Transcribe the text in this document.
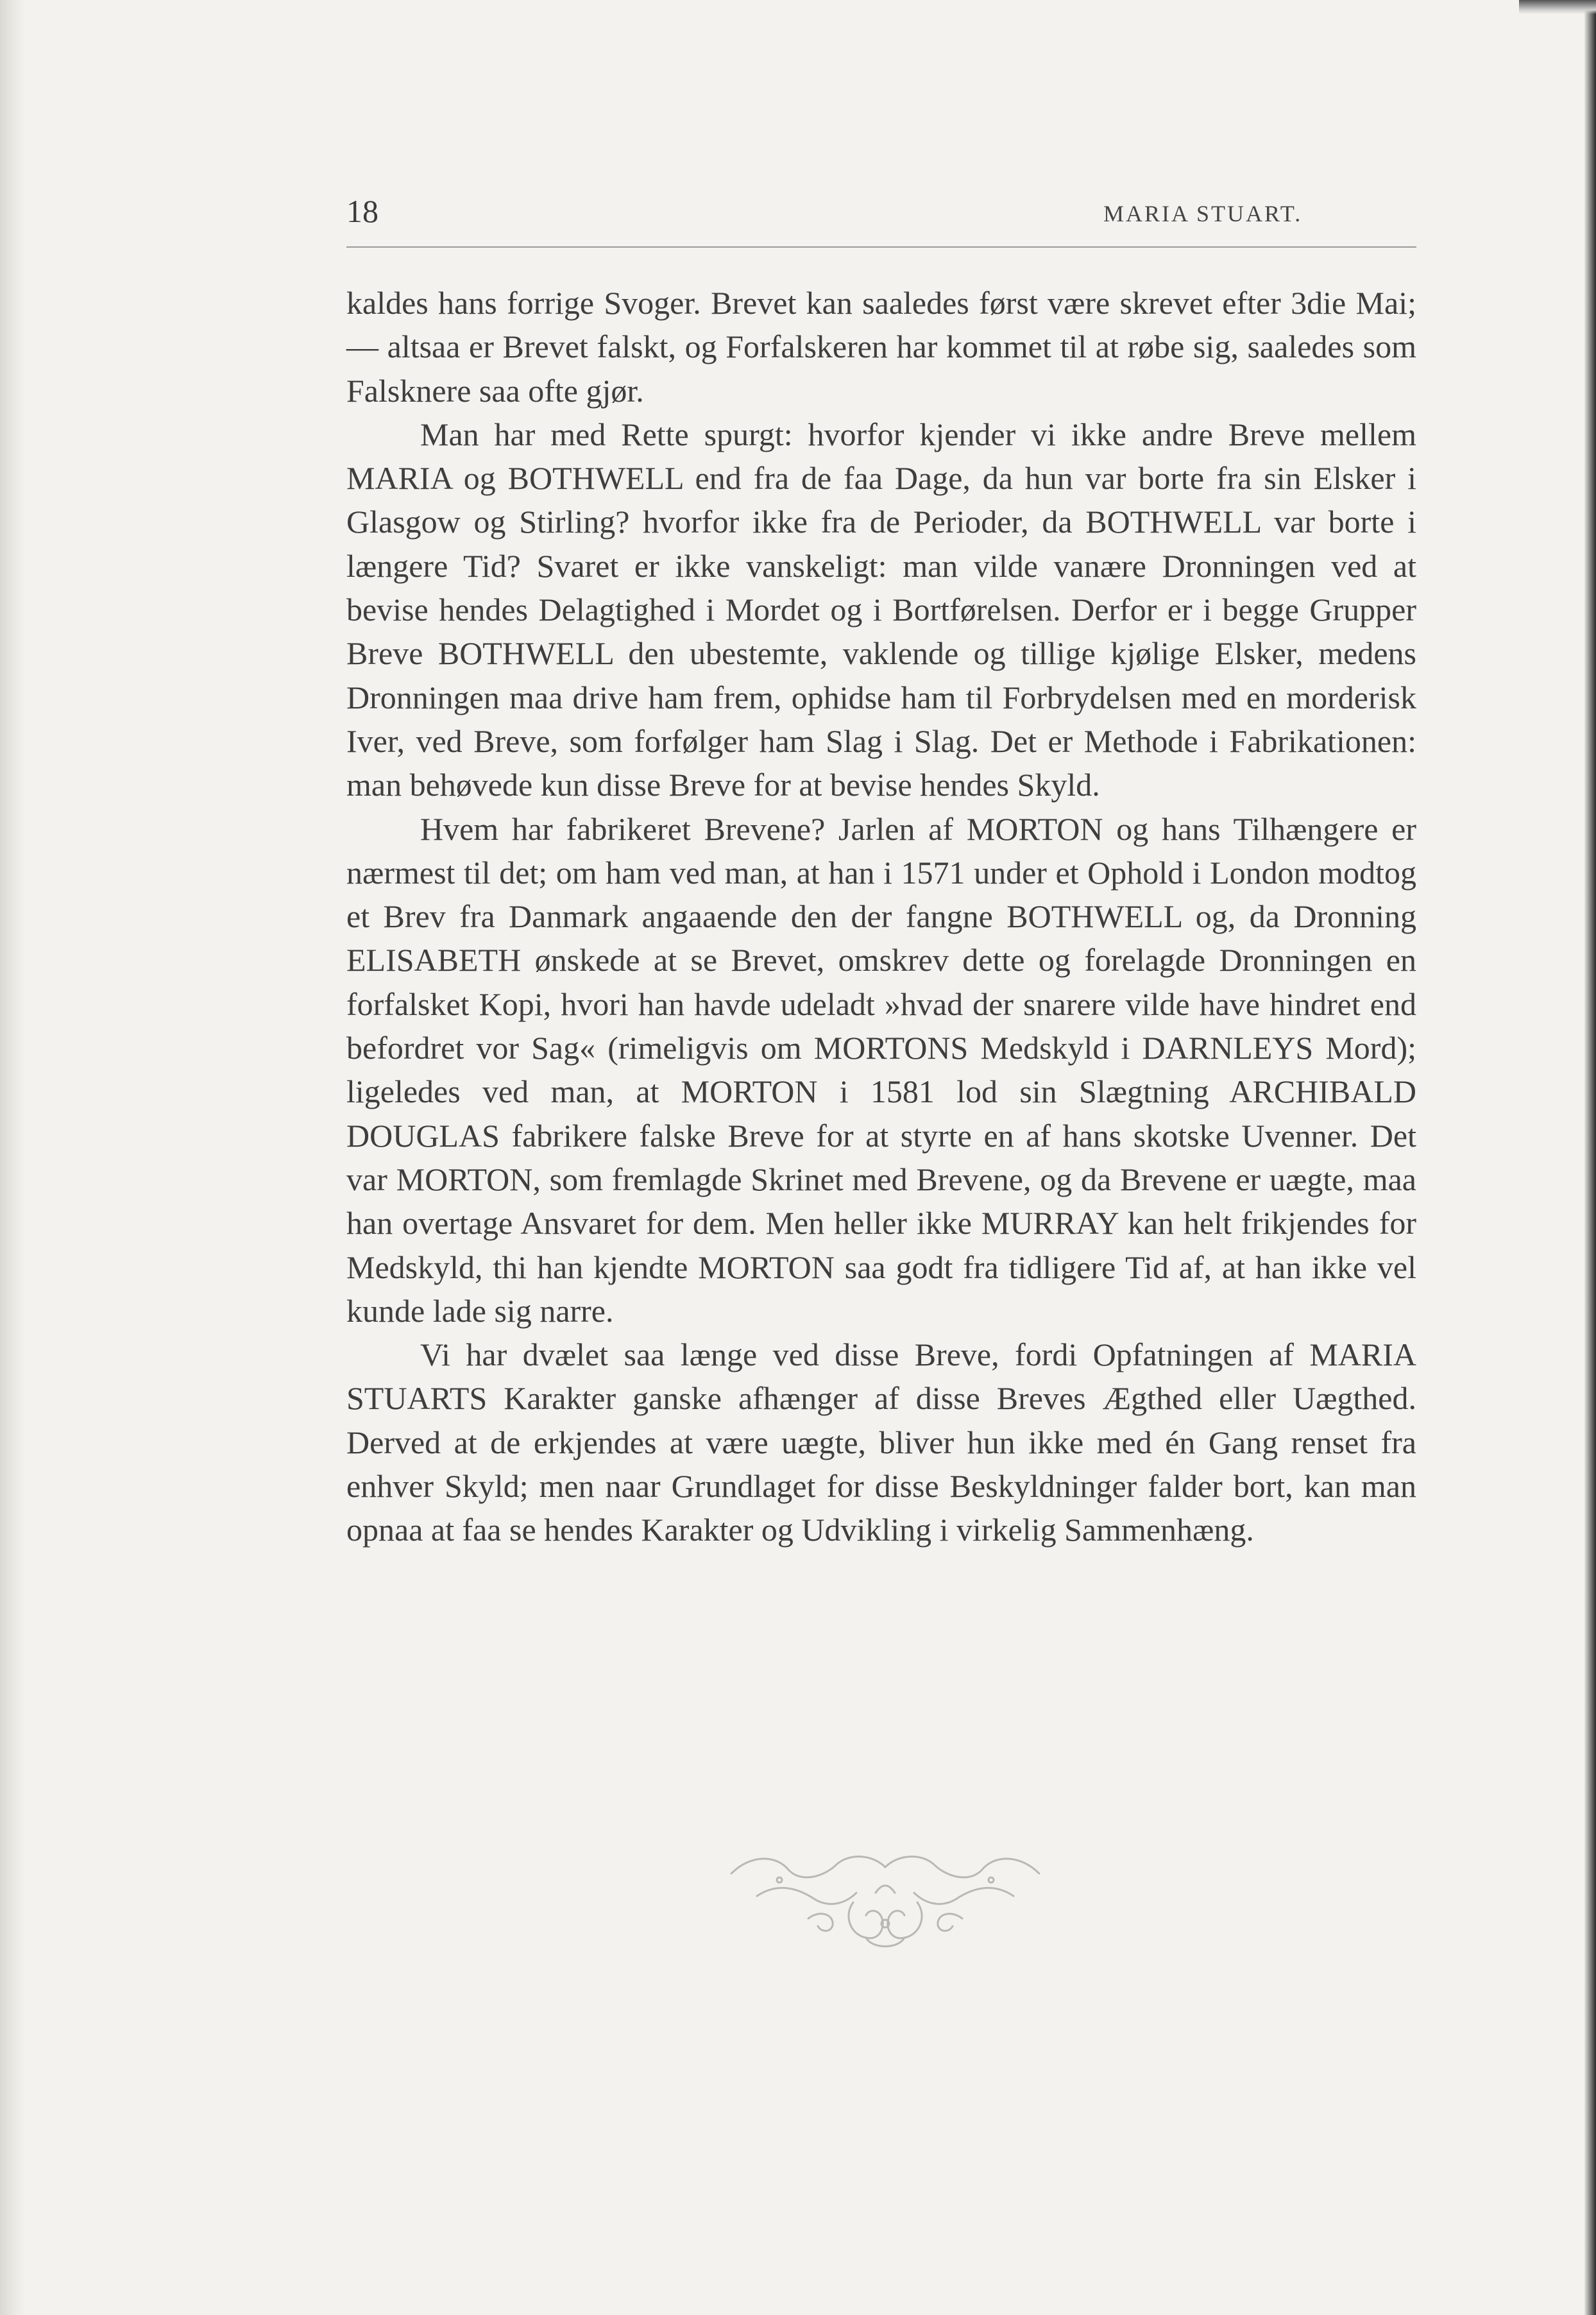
18	MARIA STUART.

kaldes hans forrige Svoger. Brevet kan saaledes først være skrevet efter 3die Mai; — altsaa er Brevet falskt, og Forfalskeren har kommet til at røbe sig, saaledes som Falsknere saa ofte gjør.

Man har med Rette spurgt: hvorfor kjender vi ikke andre Breve mellem MARIA og BOTHWELL end fra de faa Dage, da hun var borte fra sin Elsker i Glasgow og Stirling? hvorfor ikke fra de Perioder, da BOTHWELL var borte i længere Tid? Svaret er ikke vanskeligt: man vilde vanære Dronningen ved at bevise hendes Delagtighed i Mordet og i Bortførelsen. Derfor er i begge Grupper Breve BOTHWELL den ubestemte, vaklende og tillige kjølige Elsker, medens Dronningen maa drive ham frem, ophidse ham til Forbrydelsen med en morderisk Iver, ved Breve, som forfølger ham Slag i Slag. Det er Methode i Fabrikationen: man behøvede kun disse Breve for at bevise hendes Skyld.

Hvem har fabrikeret Brevene? Jarlen af MORTON og hans Tilhængere er nærmest til det; om ham ved man, at han i 1571 under et Ophold i London modtog et Brev fra Danmark angaaende den der fangne BOTHWELL og, da Dronning ELISABETH ønskede at se Brevet, omskrev dette og forelagde Dronningen en forfalsket Kopi, hvori han havde udeladt »hvad der snarere vilde have hindret end befordret vor Sag« (rimeligvis om MORTONS Medskyld i DARNLEYS Mord); ligeledes ved man, at MORTON i 1581 lod sin Slægtning ARCHIBALD DOUGLAS fabrikere falske Breve for at styrte en af hans skotske Uvenner. Det var MORTON, som fremlagde Skrinet med Brevene, og da Brevene er uægte, maa han overtage Ansvaret for dem. Men heller ikke MURRAY kan helt frikjendes for Medskyld, thi han kjendte MORTON saa godt fra tidligere Tid af, at han ikke vel kunde lade sig narre.

Vi har dvælet saa længe ved disse Breve, fordi Opfatningen af MARIA STUARTS Karakter ganske afhænger af disse Breves Ægthed eller Uægthed. Derved at de erkjendes at være uægte, bliver hun ikke med én Gang renset fra enhver Skyld; men naar Grundlaget for disse Beskyldninger falder bort, kan man opnaa at faa se hendes Karakter og Udvikling i virkelig Sammenhæng.
